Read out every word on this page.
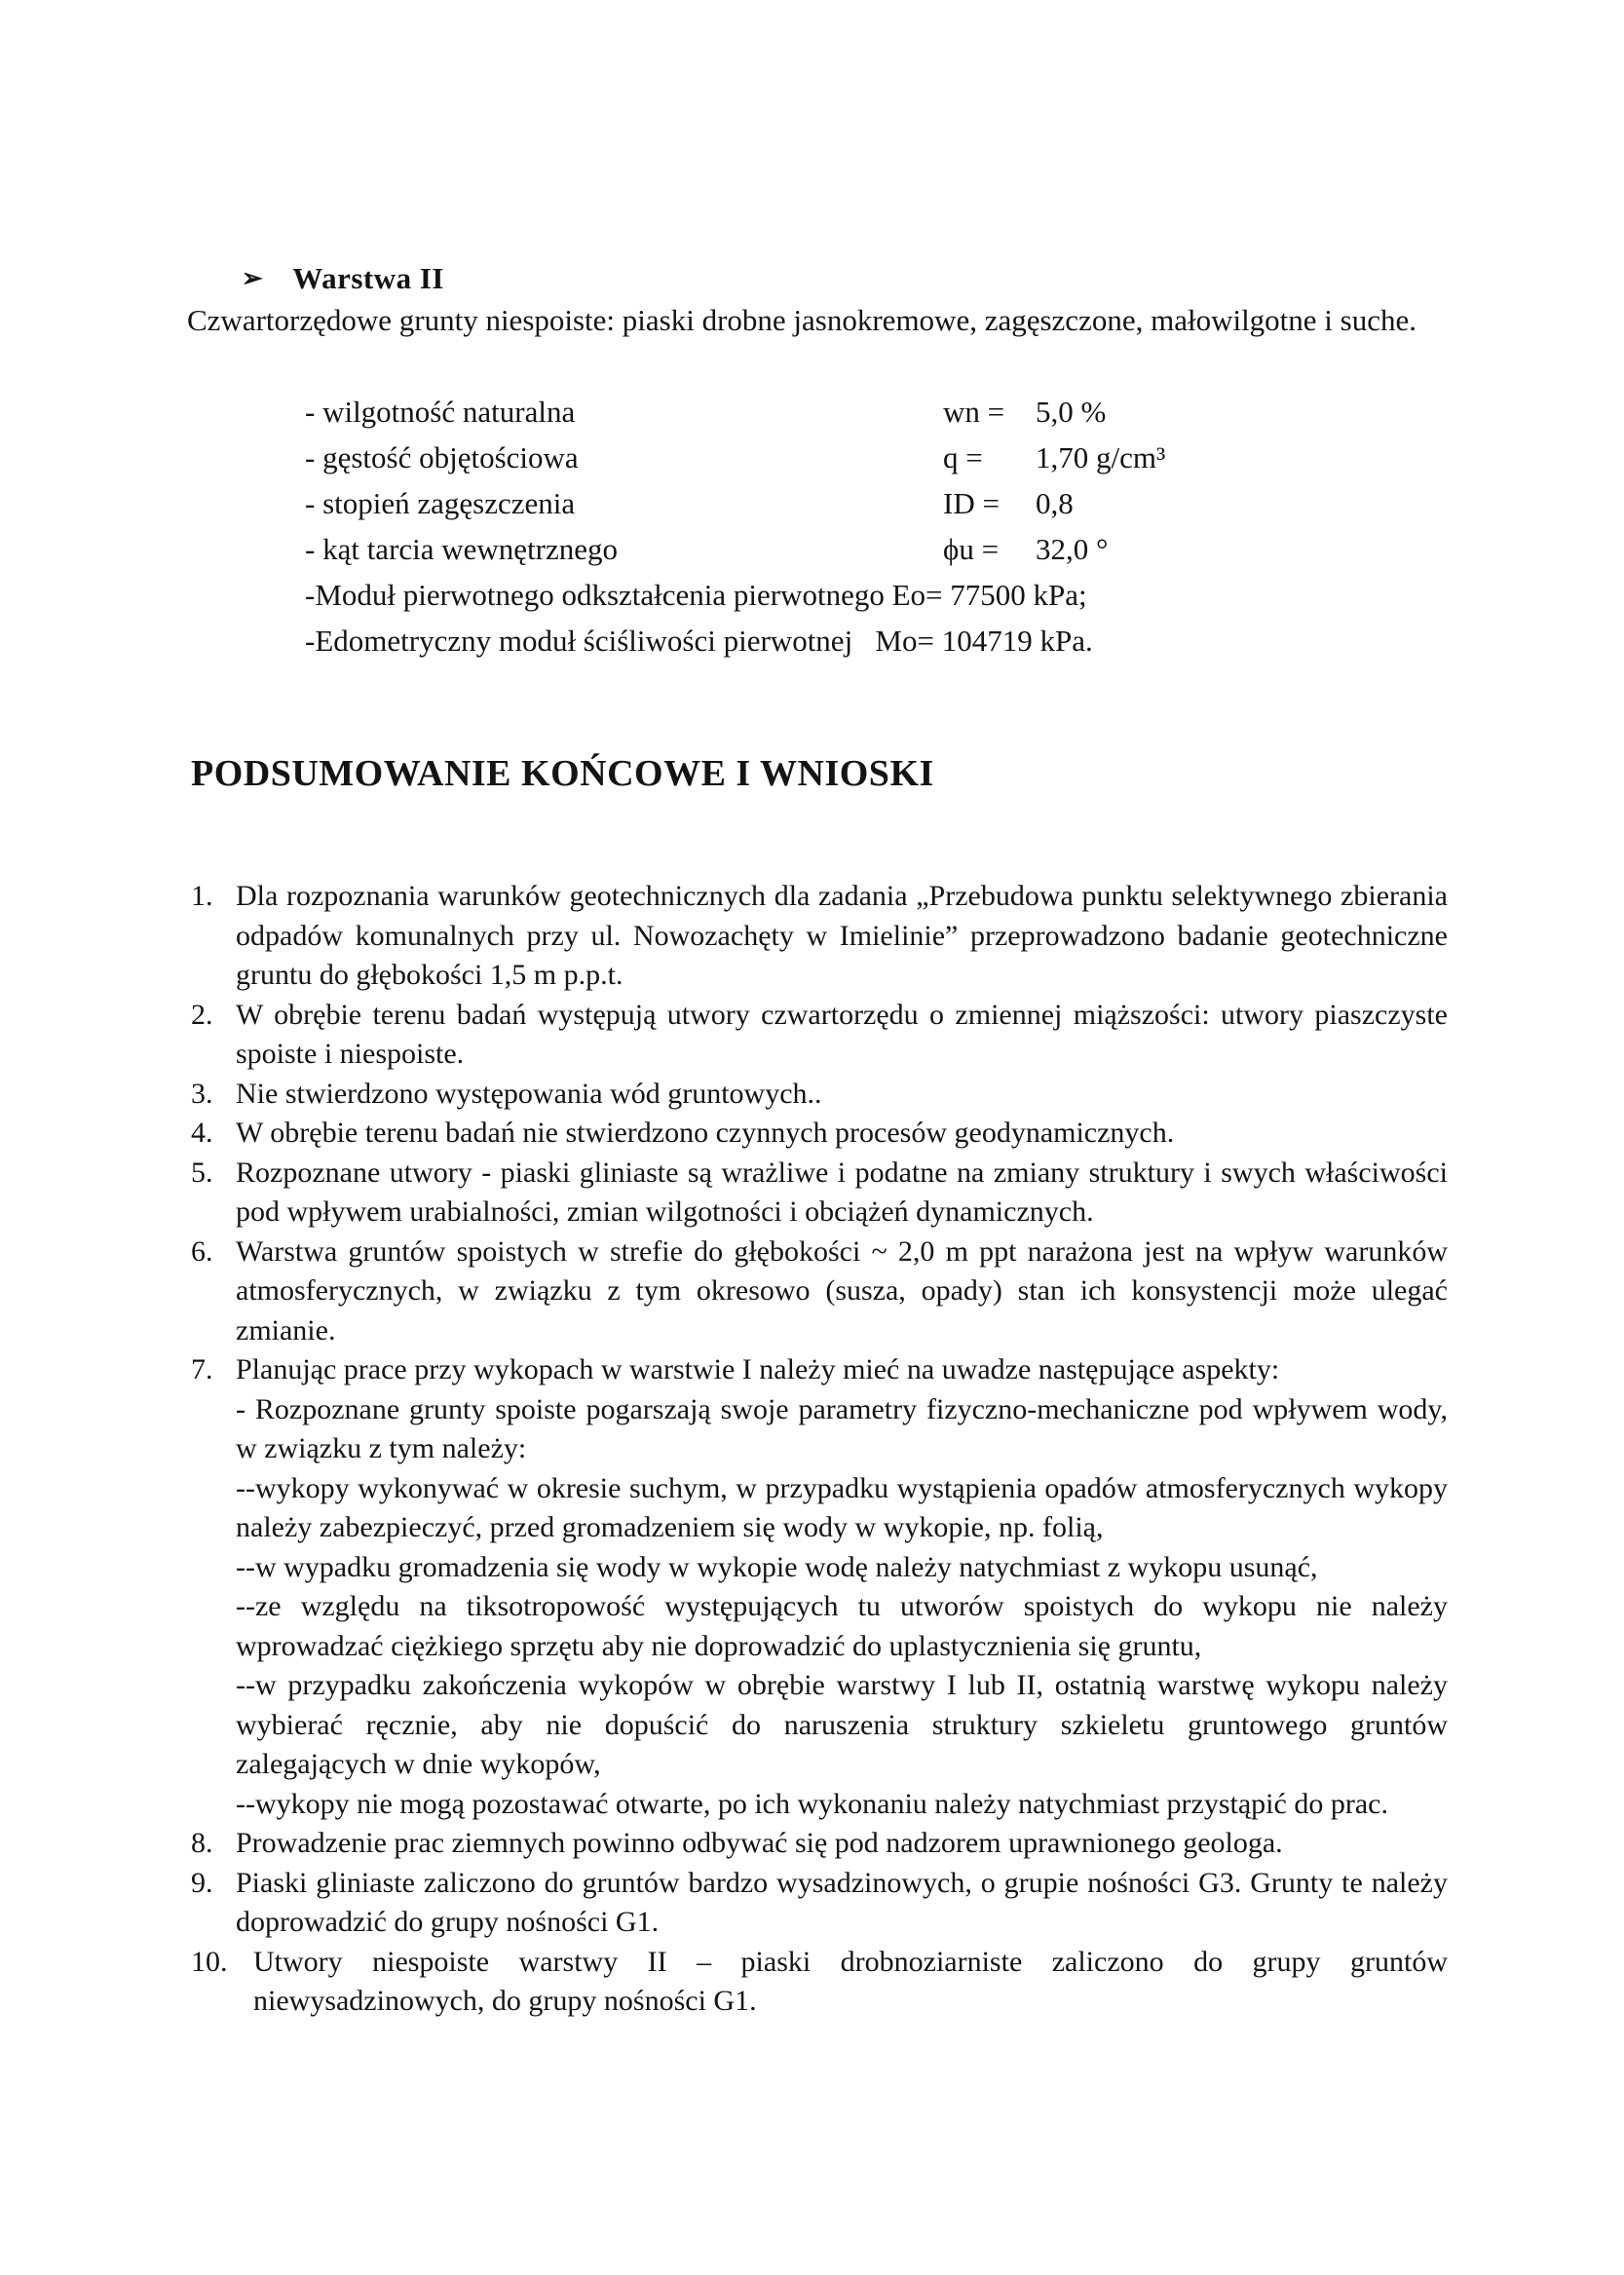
➢ Warstwa II
Czwartorzędowe grunty niespoiste: piaski drobne jasnokremowe, zagęszczone, małowilgotne i suche.
- wilgotność naturalna	wn = 5,0 %
- gęstość objętościowa	q = 1,70 g/cm³
- stopień zagęszczenia	ID = 0,8
- kąt tarcia wewnętrznego	ϕu = 32,0 °
-Moduł pierwotnego odkształcenia pierwotnego Eo= 77500 kPa;
-Edometryczny moduł ściśliwości pierwotnej   Mo= 104719 kPa.
PODSUMOWANIE KOŃCOWE I WNIOSKI
1. Dla rozpoznania warunków geotechnicznych dla zadania „Przebudowa punktu selektywnego zbierania odpadów komunalnych przy ul. Nowozachęty w Imielinie” przeprowadzono badanie geotechniczne gruntu do głębokości 1,5 m p.p.t.
2. W obrębie terenu badań występują utwory czwartorzędu o zmiennej miąższości: utwory piaszczyste spoiste i niespoiste.
3. Nie stwierdzono występowania wód gruntowych..
4. W obrębie terenu badań nie stwierdzono czynnych procesów geodynamicznych.
5. Rozpoznane utwory - piaski gliniaste są wrażliwe i podatne na zmiany struktury i swych właściwości pod wpływem urabialności, zmian wilgotności i obciążeń dynamicznych.
6. Warstwa gruntów spoistych w strefie do głębokości ~ 2,0 m ppt narażona jest na wpływ warunków atmosferycznych, w związku z tym okresowo (susza, opady) stan ich konsystencji może ulegać zmianie.
7. Planując prace przy wykopach w warstwie I należy mieć na uwadze następujące aspekty:
- Rozpoznane grunty spoiste pogarszają swoje parametry fizyczno-mechaniczne pod wpływem wody, w związku z tym należy:
--wykopy wykonywać w okresie suchym, w przypadku wystąpienia opadów atmosferycznych wykopy należy zabezpieczyć, przed gromadzeniem się wody w wykopie, np. folią,
--w wypadku gromadzenia się wody w wykopie wodę należy natychmiast z wykopu usunąć,
--ze względu na tiksotropowość występujących tu utworów spoistych do wykopu nie należy wprowadzać ciężkiego sprzętu aby nie doprowadzić do uplastycznienia się gruntu,
--w przypadku zakończenia wykopów w obrębie warstwy I lub II, ostatnią warstwę wykopu należy wybierać ręcznie, aby nie dopuścić do naruszenia struktury szkieletu gruntowego gruntów zalegających w dnie wykopów,
--wykopy nie mogą pozostawać otwarte, po ich wykonaniu należy natychmiast przystąpić do prac.
8. Prowadzenie prac ziemnych powinno odbywać się pod nadzorem uprawnionego geologa.
9. Piaski gliniaste zaliczono do gruntów bardzo wysadzinowych, o grupie nośności G3. Grunty te należy doprowadzić do grupy nośności G1.
10. Utwory niespoiste warstwy II – piaski drobnoziarniste zaliczono do grupy gruntów niewysadzinowych, do grupy nośności G1.
